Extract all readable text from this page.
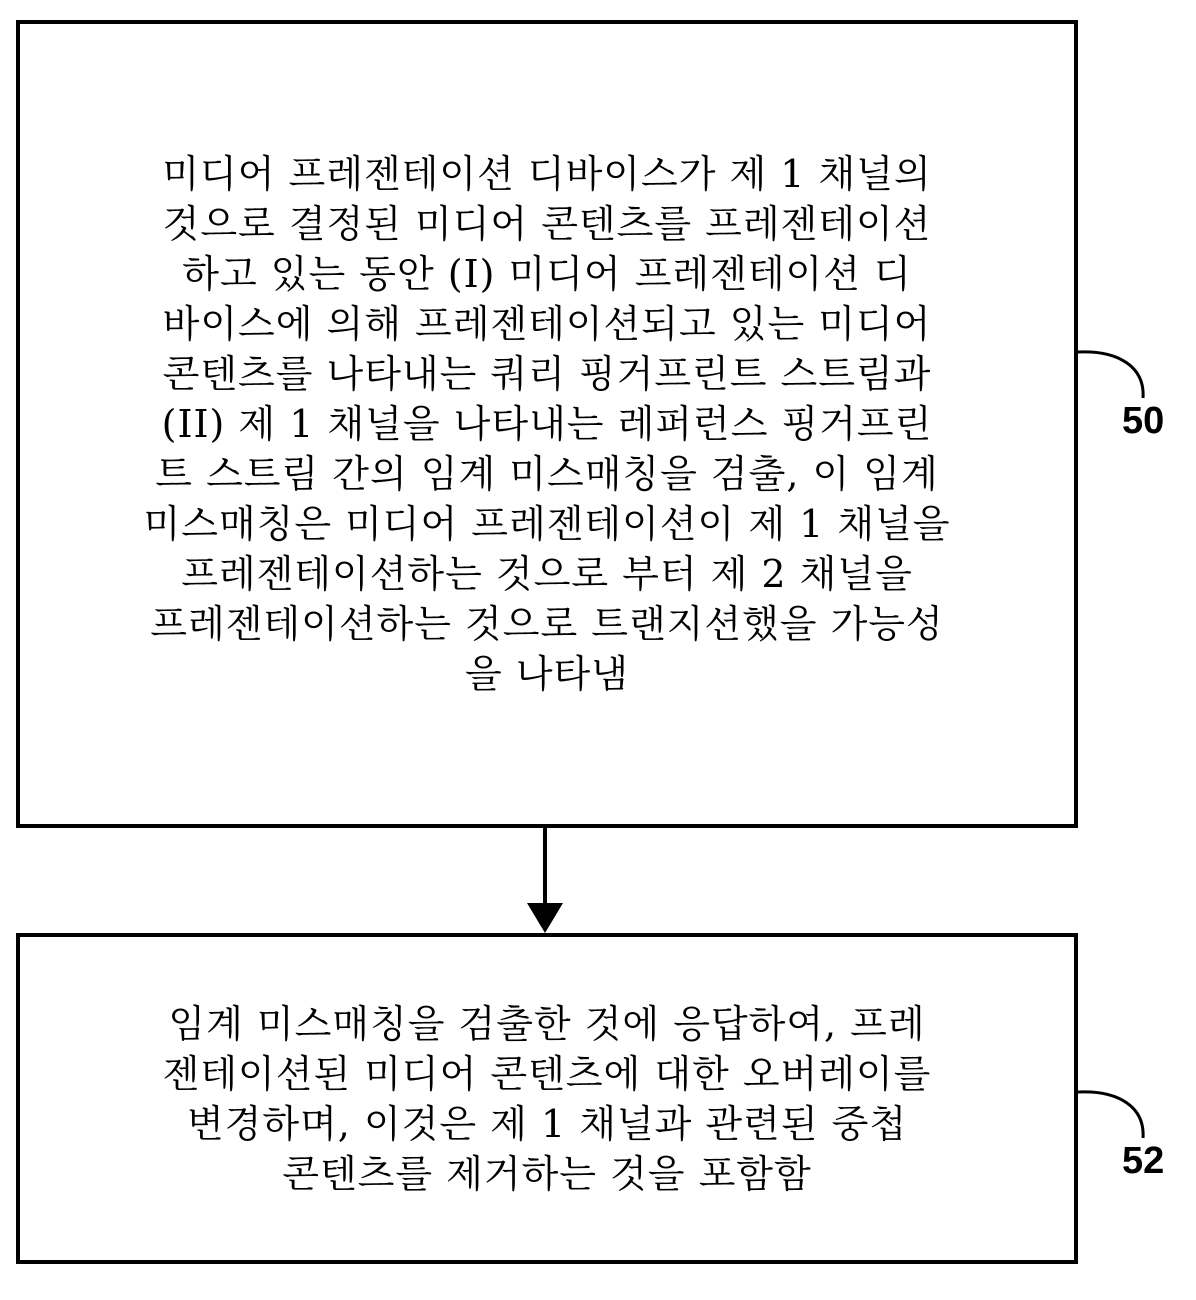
미디어 프레젠테이션 디바이스가 제 1 채널의
것으로 결정된 미디어 콘텐츠를 프레젠테이션
하고 있는 동안 (I) 미디어 프레젠테이션 디
바이스에 의해 프레젠테이션되고 있는 미디어
콘텐츠를 나타내는 쿼리 핑거프린트 스트림과
(II) 제 1 채널을 나타내는 레퍼런스 핑거프린
트 스트림 간의 임계 미스매칭을 검출, 이 임계
미스매칭은 미디어 프레젠테이션이 제 1 채널을
프레젠테이션하는 것으로 부터 제 2 채널을
프레젠테이션하는 것으로 트랜지션했을 가능성
을 나타냄
임계 미스매칭을 검출한 것에 응답하여, 프레
젠테이션된 미디어 콘텐츠에 대한 오버레이를
변경하며, 이것은 제 1 채널과 관련된 중첩
콘텐츠를 제거하는 것을 포함함
50
52
